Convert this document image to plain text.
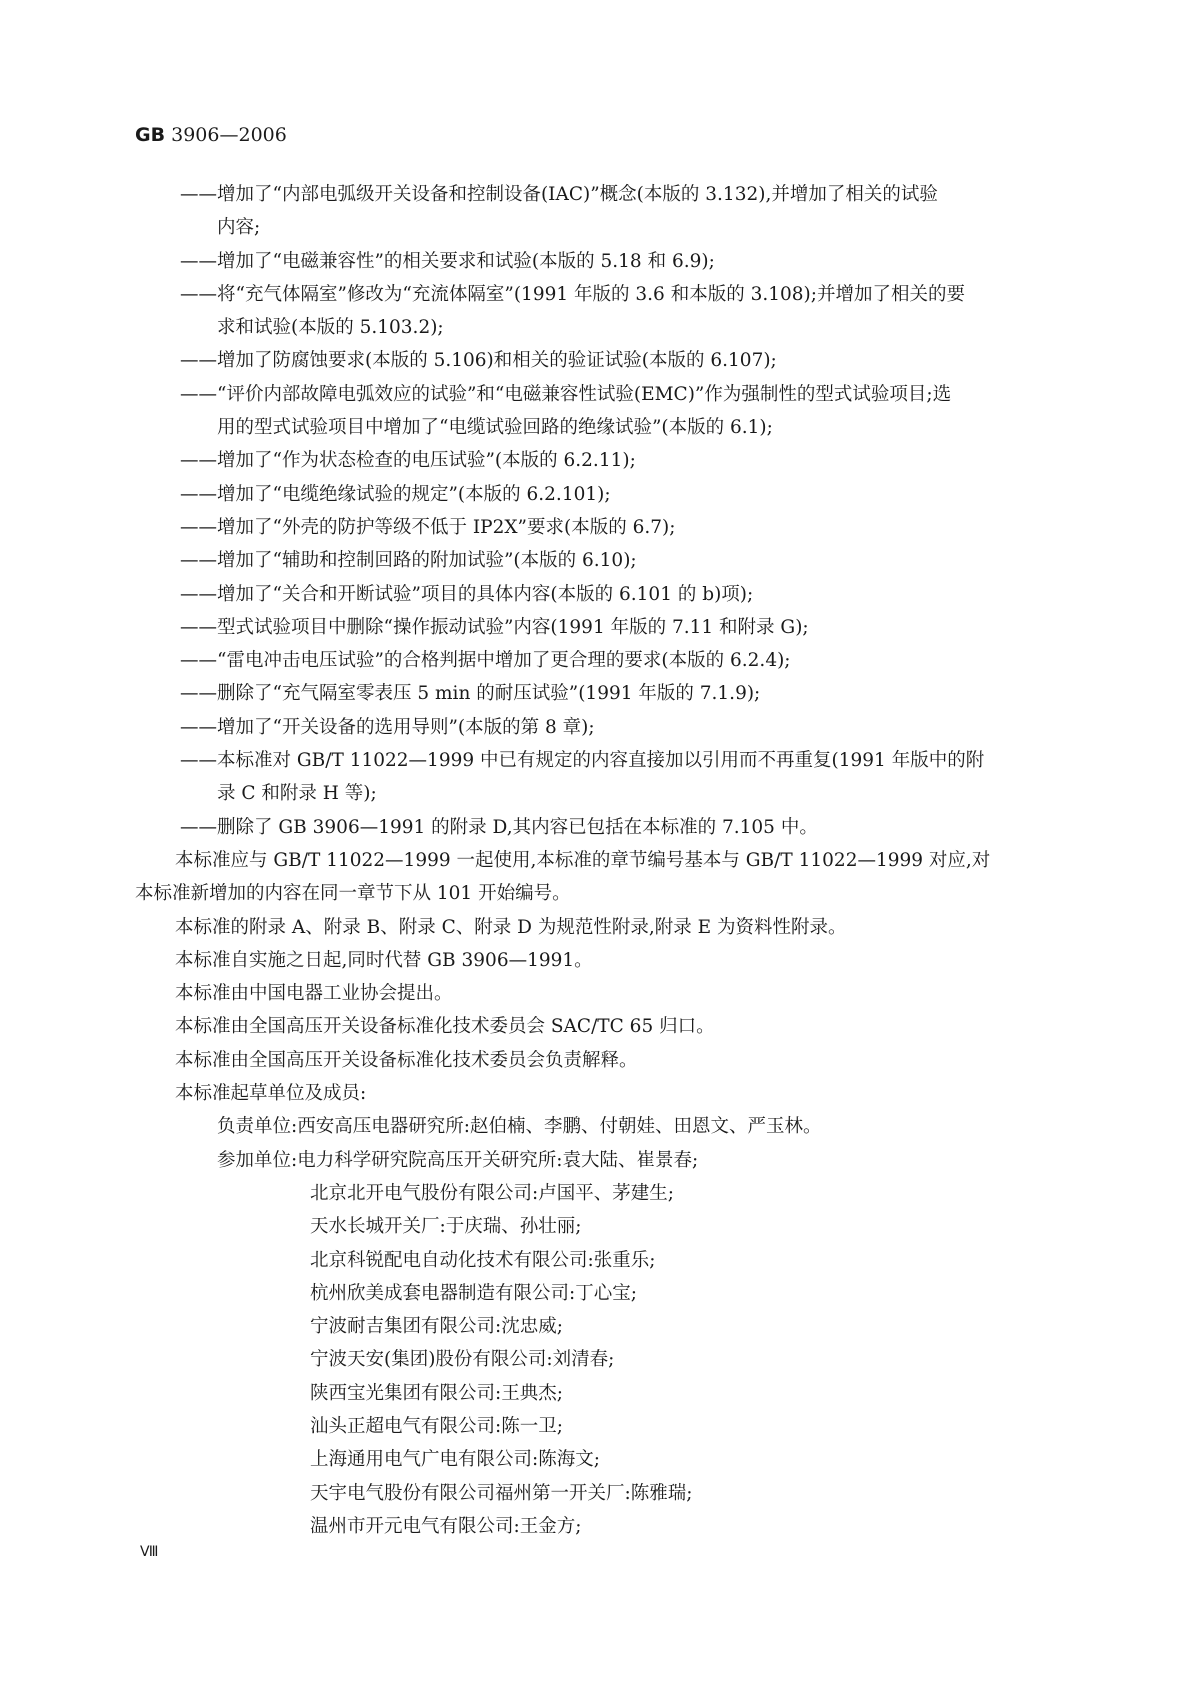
GB 3906—2006
——增加了“内部电弧级开关设备和控制设备(IAC)”概念(本版的 3.132),并增加了相关的试验
内容;
——增加了“电磁兼容性”的相关要求和试验(本版的 5.18 和 6.9);
——将“充气体隔室”修改为“充流体隔室”(1991 年版的 3.6 和本版的 3.108);并增加了相关的要
求和试验(本版的 5.103.2);
——增加了防腐蚀要求(本版的 5.106)和相关的验证试验(本版的 6.107);
——“评价内部故障电弧效应的试验”和“电磁兼容性试验(EMC)”作为强制性的型式试验项目;选
用的型式试验项目中增加了“电缆试验回路的绝缘试验”(本版的 6.1);
——增加了“作为状态检查的电压试验”(本版的 6.2.11);
——增加了“电缆绝缘试验的规定”(本版的 6.2.101);
——增加了“外壳的防护等级不低于 IP2X”要求(本版的 6.7);
——增加了“辅助和控制回路的附加试验”(本版的 6.10);
——增加了“关合和开断试验”项目的具体内容(本版的 6.101 的 b)项);
——型式试验项目中删除“操作振动试验”内容(1991 年版的 7.11 和附录 G);
——“雷电冲击电压试验”的合格判据中增加了更合理的要求(本版的 6.2.4);
——删除了“充气隔室零表压 5 min 的耐压试验”(1991 年版的 7.1.9);
——增加了“开关设备的选用导则”(本版的第 8 章);
——本标准对 GB/T 11022—1999 中已有规定的内容直接加以引用而不再重复(1991 年版中的附
录 C 和附录 H 等);
——删除了 GB 3906—1991 的附录 D,其内容已包括在本标准的 7.105 中。
本标准应与 GB/T 11022—1999 一起使用,本标准的章节编号基本与 GB/T 11022—1999 对应,对
本标准新增加的内容在同一章节下从 101 开始编号。
本标准的附录 A、附录 B、附录 C、附录 D 为规范性附录,附录 E 为资料性附录。
本标准自实施之日起,同时代替 GB 3906—1991。
本标准由中国电器工业协会提出。
本标准由全国高压开关设备标准化技术委员会 SAC/TC 65 归口。
本标准由全国高压开关设备标准化技术委员会负责解释。
本标准起草单位及成员:
负责单位:西安高压电器研究所:赵伯楠、李鹏、付朝娃、田恩文、严玉林。
参加单位:电力科学研究院高压开关研究所:袁大陆、崔景春;
北京北开电气股份有限公司:卢国平、茅建生;
天水长城开关厂:于庆瑞、孙壮丽;
北京科锐配电自动化技术有限公司:张重乐;
杭州欣美成套电器制造有限公司:丁心宝;
宁波耐吉集团有限公司:沈忠威;
宁波天安(集团)股份有限公司:刘清春;
陕西宝光集团有限公司:王典杰;
汕头正超电气有限公司:陈一卫;
上海通用电气广电有限公司:陈海文;
天宇电气股份有限公司福州第一开关厂:陈雅瑞;
温州市开元电气有限公司:王金方;
Ⅷ
